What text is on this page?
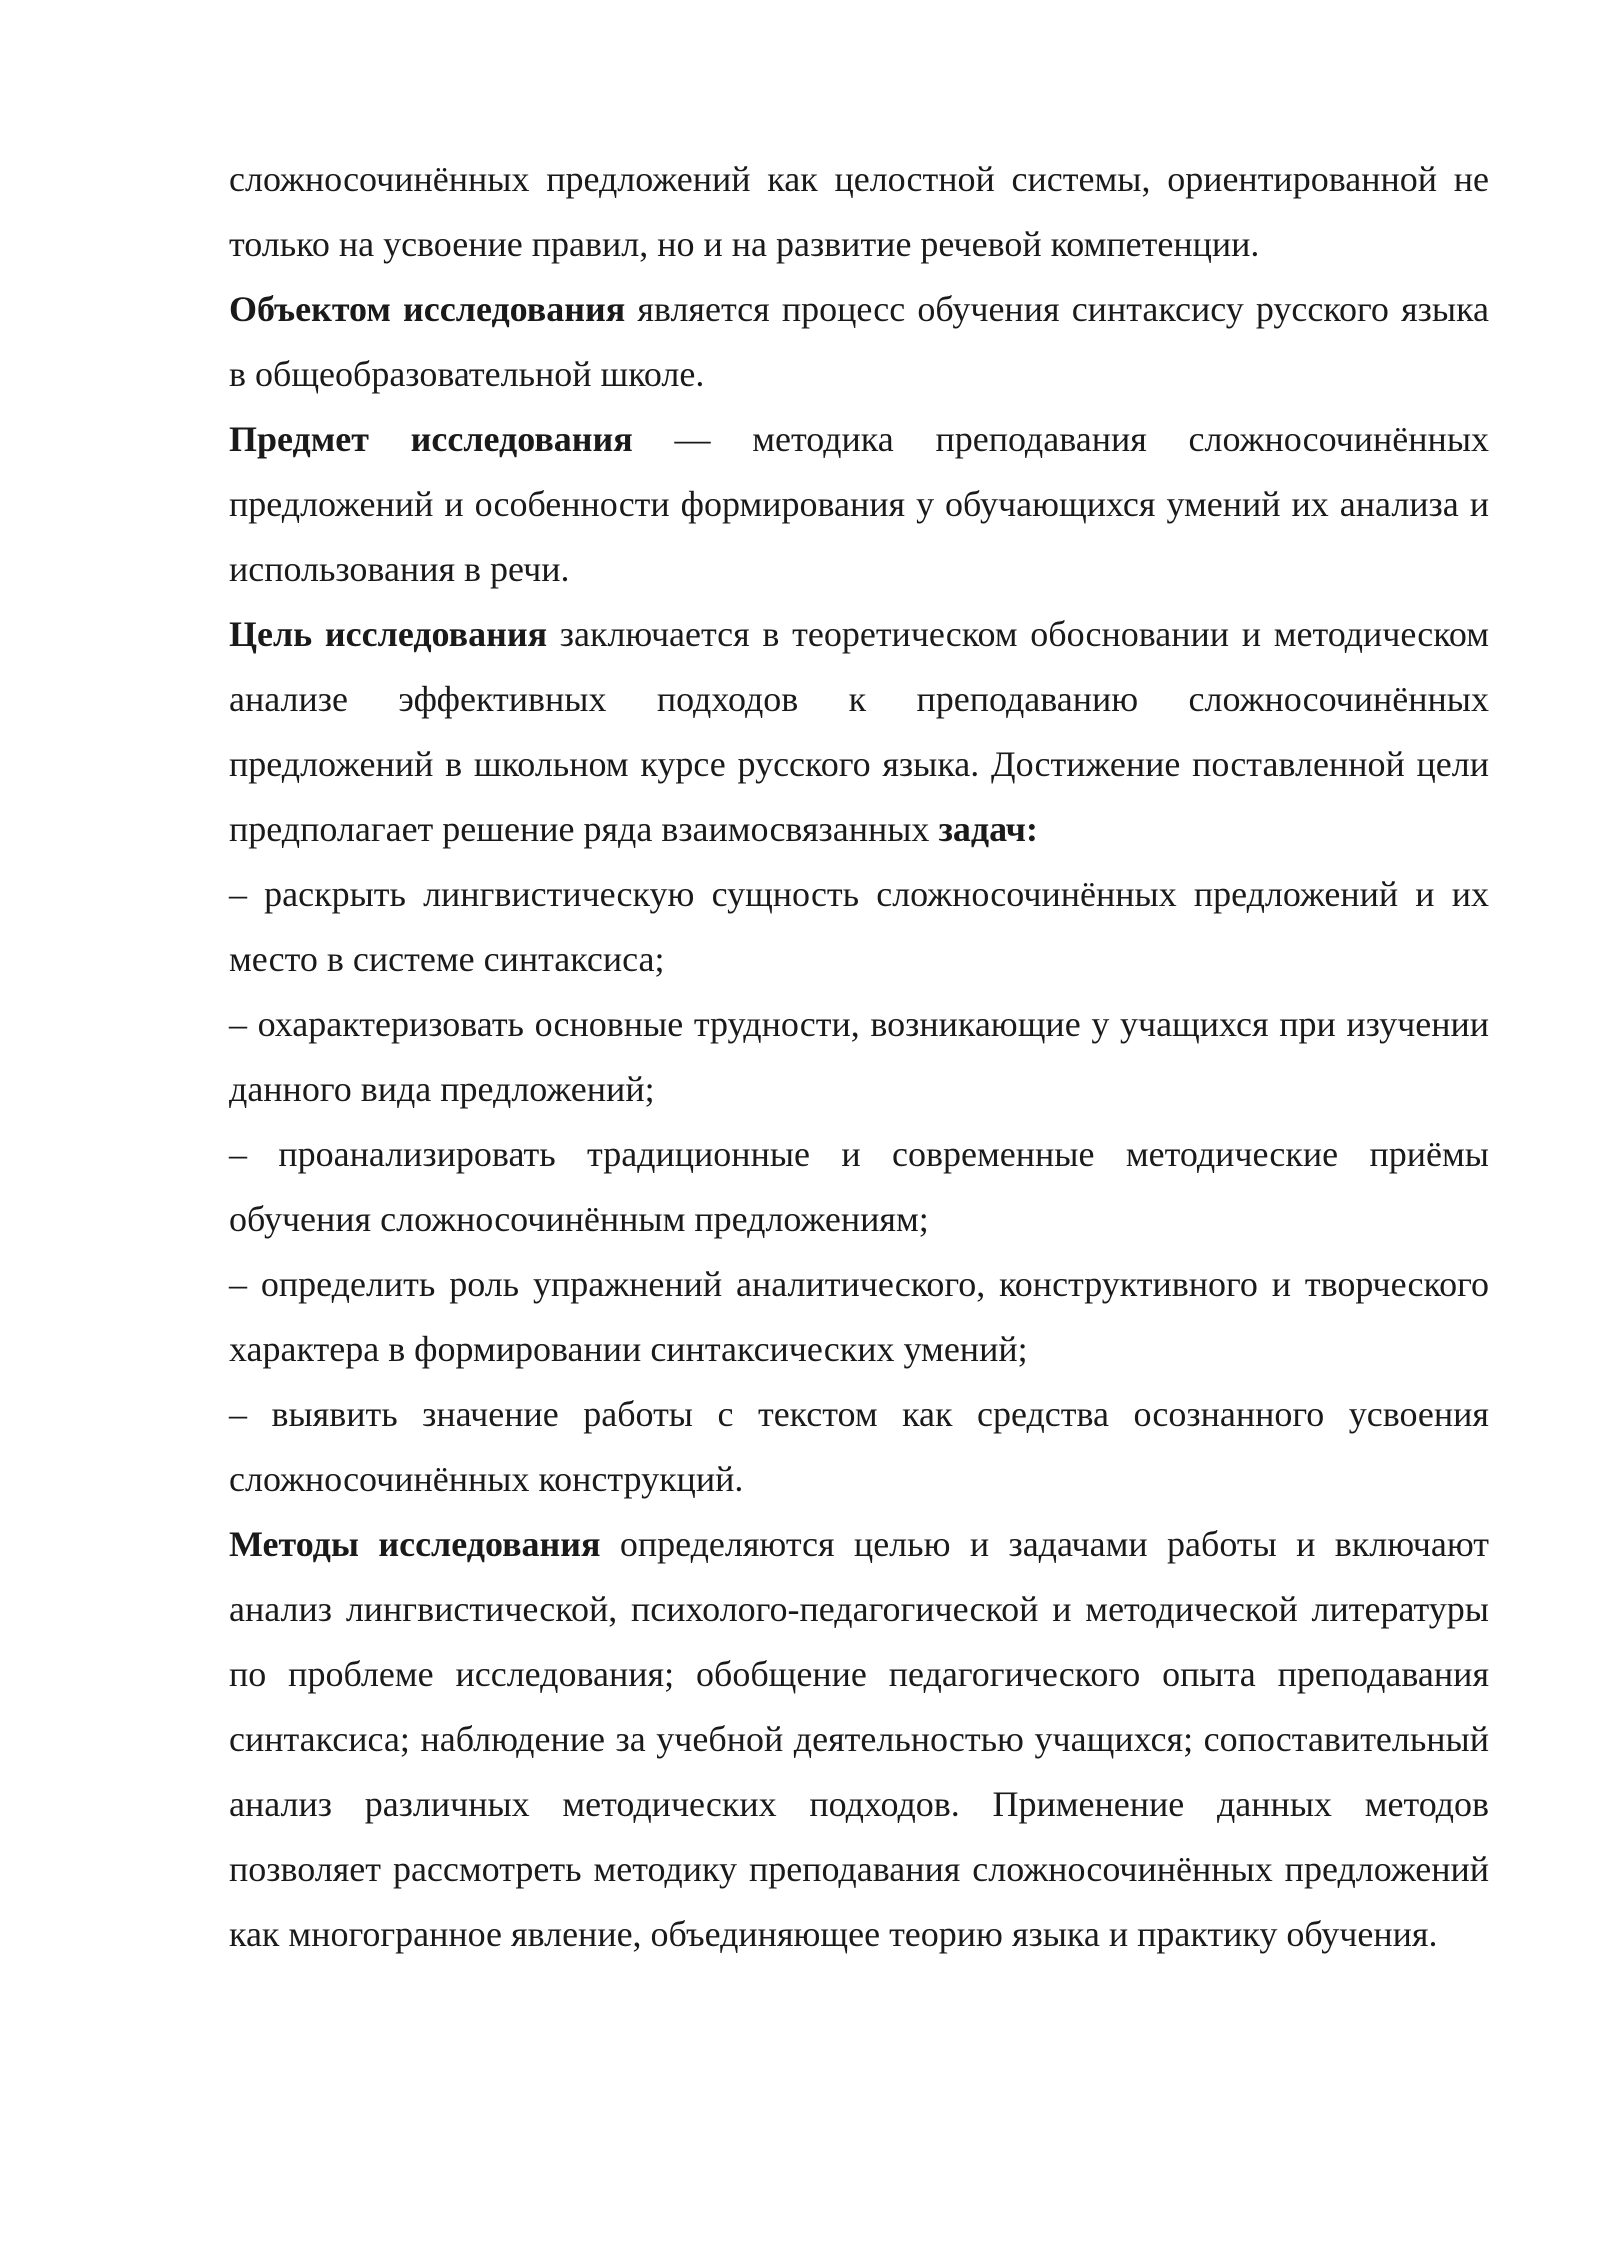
сложносочинённых предложений как целостной системы, ориентированной не только на усвоение правил, но и на развитие речевой компетенции.

Объектом исследования является процесс обучения синтаксису русского языка в общеобразовательной школе.

Предмет исследования — методика преподавания сложносочинённых предложений и особенности формирования у обучающихся умений их анализа и использования в речи.

Цель исследования заключается в теоретическом обосновании и методическом анализе эффективных подходов к преподаванию сложносочинённых предложений в школьном курсе русского языка. Достижение поставленной цели предполагает решение ряда взаимосвязанных задач:

– раскрыть лингвистическую сущность сложносочинённых предложений и их место в системе синтаксиса;

– охарактеризовать основные трудности, возникающие у учащихся при изучении данного вида предложений;

– проанализировать традиционные и современные методические приёмы обучения сложносочинённым предложениям;

– определить роль упражнений аналитического, конструктивного и творческого характера в формировании синтаксических умений;

– выявить значение работы с текстом как средства осознанного усвоения сложносочинённых конструкций.

Методы исследования определяются целью и задачами работы и включают анализ лингвистической, психолого-педагогической и методической литературы по проблеме исследования; обобщение педагогического опыта преподавания синтаксиса; наблюдение за учебной деятельностью учащихся; сопоставительный анализ различных методических подходов. Применение данных методов позволяет рассмотреть методику преподавания сложносочинённых предложений как многогранное явление, объединяющее теорию языка и практику обучения.
